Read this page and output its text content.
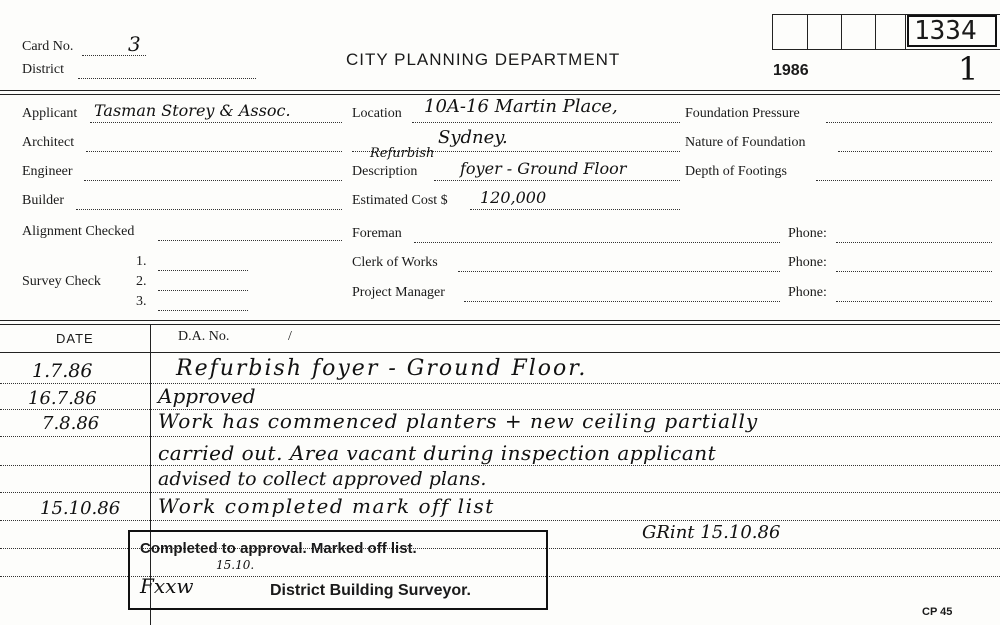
Card No.	3
District
CITY PLANNING DEPARTMENT
1986
1334
1
Applicant Tasman Storey & Assoc.
Architect
Engineer
Builder
Alignment Checked
Survey Check
1.
2.
3.
Location 10A-16 Martin Place,
Sydney.
Description
Refurbish
foyer - Ground Floor
Estimated Cost $ 120,000
Foreman
Clerk of Works
Project Manager
Phone:
Phone:
Phone:
Foundation Pressure
Nature of Foundation
Depth of Footings
DATE	D.A. No.	/
1.7.86	Refurbish foyer - Ground Floor.
16.7.86	Approved
7.8.86	Work has commenced planters + new ceiling partially
carried out. Area vacant during inspection applicant
advised to collect approved plans.
15.10.86 Work completed mark off list
GRint 15.10.86
Completed to approval. Marked off list.
15.10.
Fxxw	District Building Surveyor.
CP 45
